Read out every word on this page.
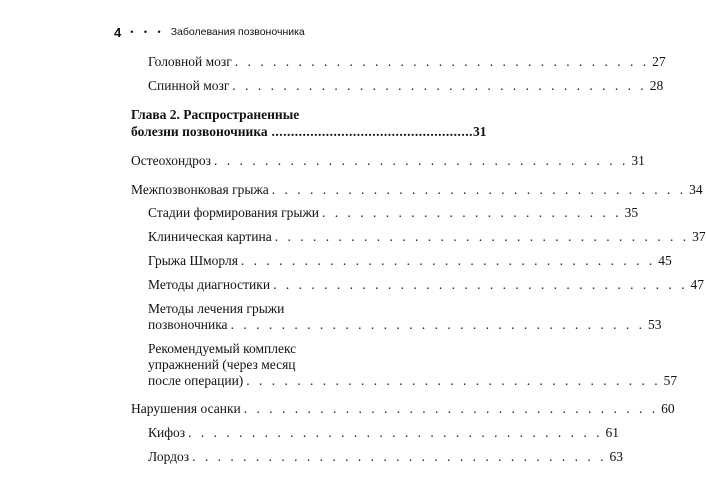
4 • • • Заболевания позвоночника
Головной мозг . . . . . . . . . . . . . . . . . . . . . . . . . . . . . . . . . 27
Спинной мозг . . . . . . . . . . . . . . . . . . . . . . . . . . . . . . . . . 28
Глава 2. Распространенные
болезни позвоночника .................................................... 31
Остеохондроз . . . . . . . . . . . . . . . . . . . . . . . . . . . . . . . . . 31
Межпозвонковая грыжа . . . . . . . . . . . . . . . . . . . . . . . . . . . . . . . . . 34
Стадии формирования грыжи . . . . . . . . . . . . . . . . . . . . . . . . 35
Клиническая картина . . . . . . . . . . . . . . . . . . . . . . . . . . . . . . . . . 37
Грыжа Шморля . . . . . . . . . . . . . . . . . . . . . . . . . . . . . . . . . 45
Методы диагностики . . . . . . . . . . . . . . . . . . . . . . . . . . . . . . . . . 47
Методы лечения грыжи
позвоночника . . . . . . . . . . . . . . . . . . . . . . . . . . . . . . . . . 53
Рекомендуемый комплекс
упражнений (через месяц
после операции) . . . . . . . . . . . . . . . . . . . . . . . . . . . . . . . . . 57
Нарушения осанки . . . . . . . . . . . . . . . . . . . . . . . . . . . . . . . . . 60
Кифоз . . . . . . . . . . . . . . . . . . . . . . . . . . . . . . . . . 61
Лордоз . . . . . . . . . . . . . . . . . . . . . . . . . . . . . . . . . 63
